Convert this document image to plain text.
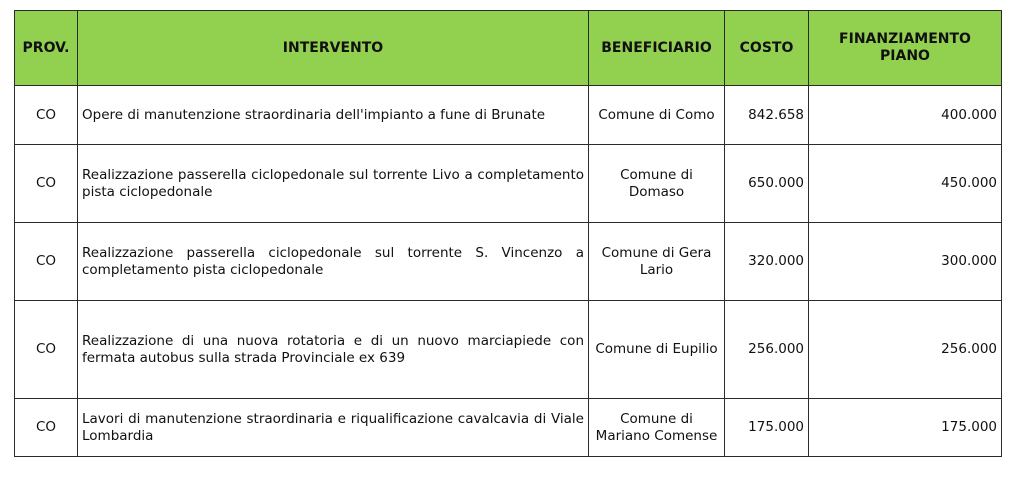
PROV.	INTERVENTO	BENEFICIARIO	COSTO	FINANZIAMENTO PIANO
CO	Opere di manutenzione straordinaria dell'impianto a fune di Brunate	Comune di Como	842.658	400.000
CO	Realizzazione passerella ciclopedonale sul torrente Livo a completamento pista ciclopedonale	Comune di Domaso	650.000	450.000
CO	Realizzazione passerella ciclopedonale sul torrente S. Vincenzo a completamento pista ciclopedonale	Comune di Gera Lario	320.000	300.000
CO	Realizzazione di una nuova rotatoria e di un nuovo marciapiede con fermata autobus sulla strada Provinciale ex 639	Comune di Eupilio	256.000	256.000
CO	Lavori di manutenzione straordinaria e riqualificazione cavalcavia di Viale Lombardia	Comune di Mariano Comense	175.000	175.000
